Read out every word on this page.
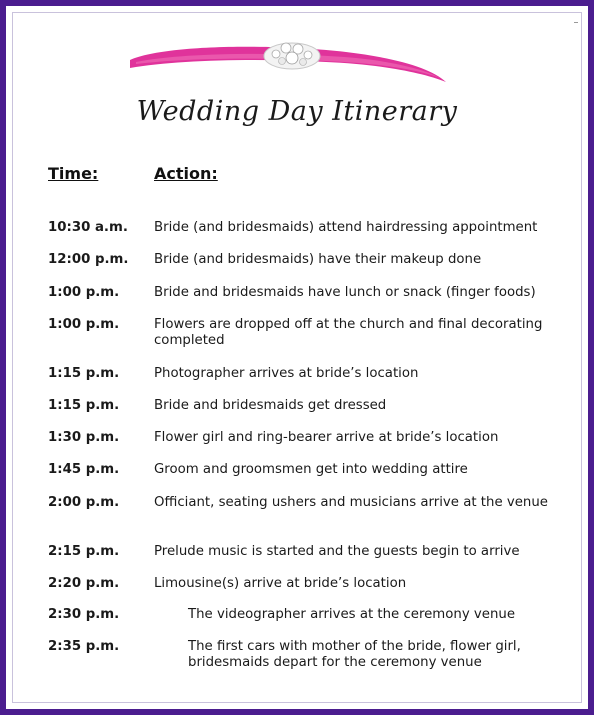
Wedding Day Itinerary
Time:	Action:
10:30 a.m. Bride (and bridesmaids) attend hairdressing appointment
12:00 p.m. Bride (and bridesmaids) have their makeup done
1:00 p.m.	Bride and bridesmaids have lunch or snack (finger foods)
1:00 p.m.	Flowers are dropped off at the church and final decorating completed
1:15 p.m.	Photographer arrives at bride’s location
1:15 p.m.	Bride and bridesmaids get dressed
1:30 p.m.	Flower girl and ring-bearer arrive at bride’s location
1:45 p.m.	Groom and groomsmen get into wedding attire
2:00 p.m.	Officiant, seating ushers and musicians arrive at the venue
2:15 p.m.	Prelude music is started and the guests begin to arrive
2:20 p.m.	Limousine(s) arrive at bride’s location
2:30 p.m.	The videographer arrives at the ceremony venue
2:35 p.m.	The first cars with mother of the bride, flower girl, bridesmaids depart for the ceremony venue
